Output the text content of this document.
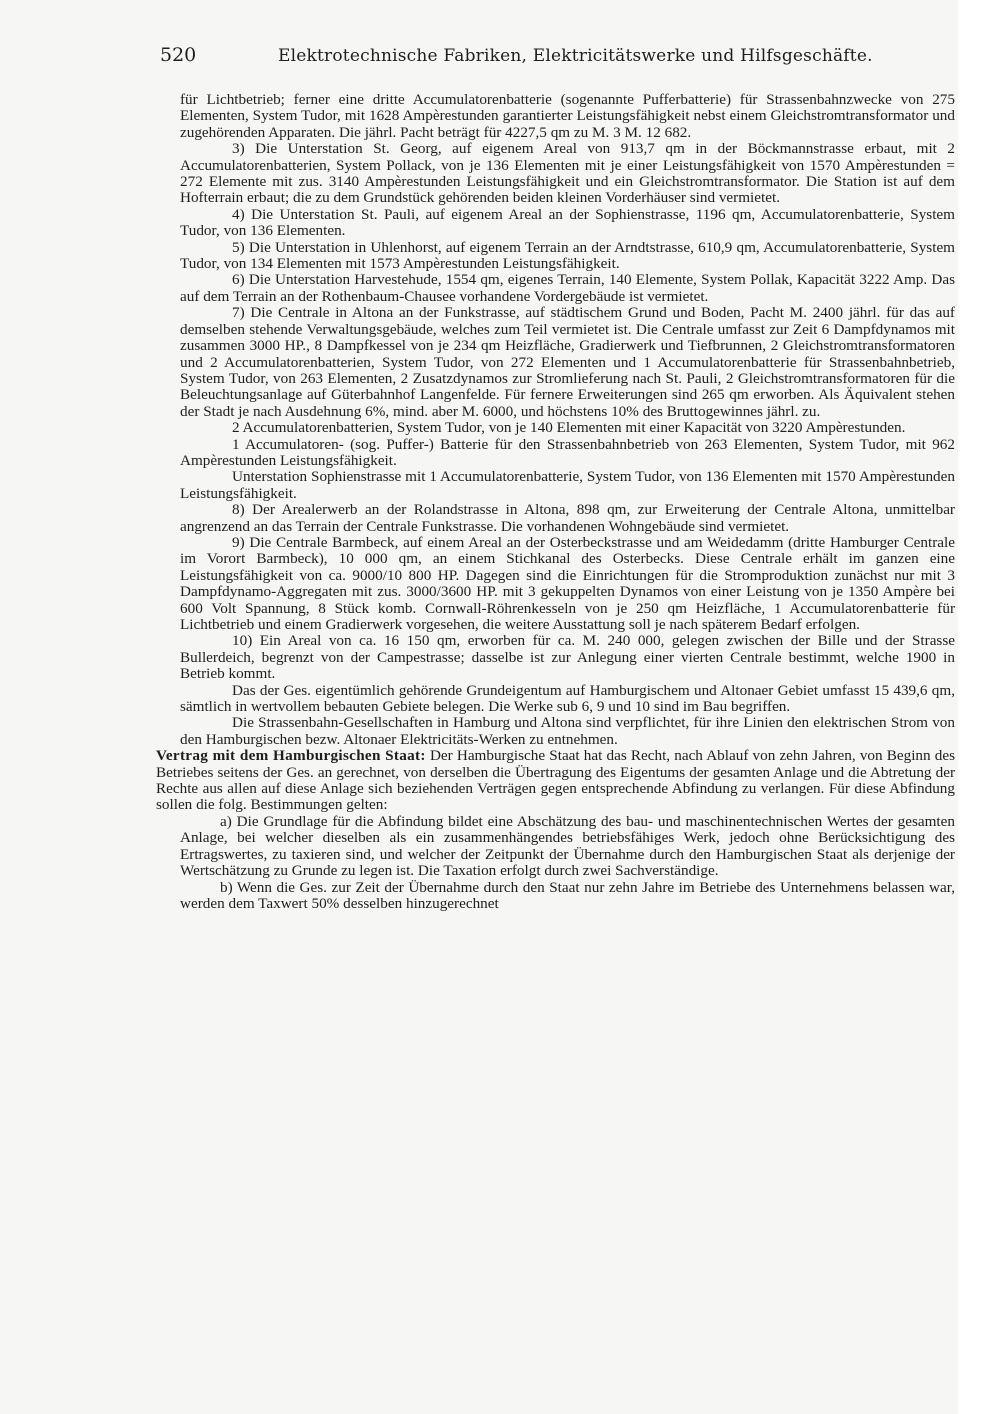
520	Elektrotechnische Fabriken, Elektricitätswerke und Hilfsgeschäfte.

für Lichtbetrieb; ferner eine dritte Accumulatorenbatterie (sogenannte Pufferbatterie) für Strassenbahnzwecke von 275 Elementen, System Tudor, mit 1628 Ampèrestunden garantierter Leistungsfähigkeit nebst einem Gleichstromtransformator und zugehörenden Apparaten. Die jährl. Pacht beträgt für 4227,5 qm zu M. 3 M. 12 682.

3) Die Unterstation St. Georg, auf eigenem Areal von 913,7 qm in der Böckmannstrasse erbaut, mit 2 Accumulatorenbatterien, System Pollack, von je 136 Elementen mit je einer Leistungsfähigkeit von 1570 Ampèrestunden = 272 Elemente mit zus. 3140 Ampèrestunden Leistungsfähigkeit und ein Gleichstromtransformator. Die Station ist auf dem Hofterrain erbaut; die zu dem Grundstück gehörenden beiden kleinen Vorderhäuser sind vermietet.

4) Die Unterstation St. Pauli, auf eigenem Areal an der Sophienstrasse, 1196 qm, Accumulatorenbatterie, System Tudor, von 136 Elementen.

5) Die Unterstation in Uhlenhorst, auf eigenem Terrain an der Arndtstrasse, 610,9 qm, Accumulatorenbatterie, System Tudor, von 134 Elementen mit 1573 Ampèrestunden Leistungsfähigkeit.

6) Die Unterstation Harvestehude, 1554 qm, eigenes Terrain, 140 Elemente, System Pollak, Kapacität 3222 Amp. Das auf dem Terrain an der Rothenbaum-Chausee vorhandene Vordergebäude ist vermietet.

7) Die Centrale in Altona an der Funkstrasse, auf städtischem Grund und Boden, Pacht M. 2400 jährl. für das auf demselben stehende Verwaltungsgebäude, welches zum Teil vermietet ist. Die Centrale umfasst zur Zeit 6 Dampfdynamos mit zusammen 3000 HP., 8 Dampfkessel von je 234 qm Heizfläche, Gradierwerk und Tiefbrunnen, 2 Gleichstromtransformatoren und 2 Accumulatorenbatterien, System Tudor, von 272 Elementen und 1 Accumulatorenbatterie für Strassenbahnbetrieb, System Tudor, von 263 Elementen, 2 Zusatzdynamos zur Stromlieferung nach St. Pauli, 2 Gleichstromtransformatoren für die Beleuchtungsanlage auf Güterbahnhof Langenfelde. Für fernere Erweiterungen sind 265 qm erworben. Als Äquivalent stehen der Stadt je nach Ausdehnung 6%, mind. aber M. 6000, und höchstens 10% des Bruttogewinnes jährl. zu.

2 Accumulatorenbatterien, System Tudor, von je 140 Elementen mit einer Kapacität von 3220 Ampèrestunden.

1 Accumulatoren- (sog. Puffer-) Batterie für den Strassenbahnbetrieb von 263 Elementen, System Tudor, mit 962 Ampèrestunden Leistungsfähigkeit.

Unterstation Sophienstrasse mit 1 Accumulatorenbatterie, System Tudor, von 136 Elementen mit 1570 Ampèrestunden Leistungsfähigkeit.

8) Der Arealerwerb an der Rolandstrasse in Altona, 898 qm, zur Erweiterung der Centrale Altona, unmittelbar angrenzend an das Terrain der Centrale Funkstrasse. Die vorhandenen Wohngebäude sind vermietet.

9) Die Centrale Barmbeck, auf einem Areal an der Osterbeckstrasse und am Weidedamm (dritte Hamburger Centrale im Vorort Barmbeck), 10 000 qm, an einem Stichkanal des Osterbecks. Diese Centrale erhält im ganzen eine Leistungsfähigkeit von ca. 9000/10 800 HP. Dagegen sind die Einrichtungen für die Stromproduktion zunächst nur mit 3 Dampfdynamo-Aggregaten mit zus. 3000/3600 HP. mit 3 gekuppelten Dynamos von einer Leistung von je 1350 Ampère bei 600 Volt Spannung, 8 Stück komb. Cornwall-Röhrenkesseln von je 250 qm Heizfläche, 1 Accumulatorenbatterie für Lichtbetrieb und einem Gradierwerk vorgesehen, die weitere Ausstattung soll je nach späterem Bedarf erfolgen.

10) Ein Areal von ca. 16 150 qm, erworben für ca. M. 240 000, gelegen zwischen der Bille und der Strasse Bullerdeich, begrenzt von der Campestrasse; dasselbe ist zur Anlegung einer vierten Centrale bestimmt, welche 1900 in Betrieb kommt.

Das der Ges. eigentümlich gehörende Grundeigentum auf Hamburgischem und Altonaer Gebiet umfasst 15 439,6 qm, sämtlich in wertvollem bebauten Gebiete belegen. Die Werke sub 6, 9 und 10 sind im Bau begriffen.

Die Strassenbahn-Gesellschaften in Hamburg und Altona sind verpflichtet, für ihre Linien den elektrischen Strom von den Hamburgischen bezw. Altonaer Elektricitäts-Werken zu entnehmen.

Vertrag mit dem Hamburgischen Staat: Der Hamburgische Staat hat das Recht, nach Ablauf von zehn Jahren, von Beginn des Betriebes seitens der Ges. an gerechnet, von derselben die Übertragung des Eigentums der gesamten Anlage und die Abtretung der Rechte aus allen auf diese Anlage sich beziehenden Verträgen gegen entsprechende Abfindung zu verlangen. Für diese Abfindung sollen die folg. Bestimmungen gelten:

a) Die Grundlage für die Abfindung bildet eine Abschätzung des bau- und maschinentechnischen Wertes der gesamten Anlage, bei welcher dieselben als ein zusammenhängendes betriebsfähiges Werk, jedoch ohne Berücksichtigung des Ertragswertes, zu taxieren sind, und welcher der Zeitpunkt der Übernahme durch den Hamburgischen Staat als derjenige der Wertschätzung zu Grunde zu legen ist. Die Taxation erfolgt durch zwei Sachverständige.

b) Wenn die Ges. zur Zeit der Übernahme durch den Staat nur zehn Jahre im Betriebe des Unternehmens belassen war, werden dem Taxwert 50% desselben hinzugerechnet
